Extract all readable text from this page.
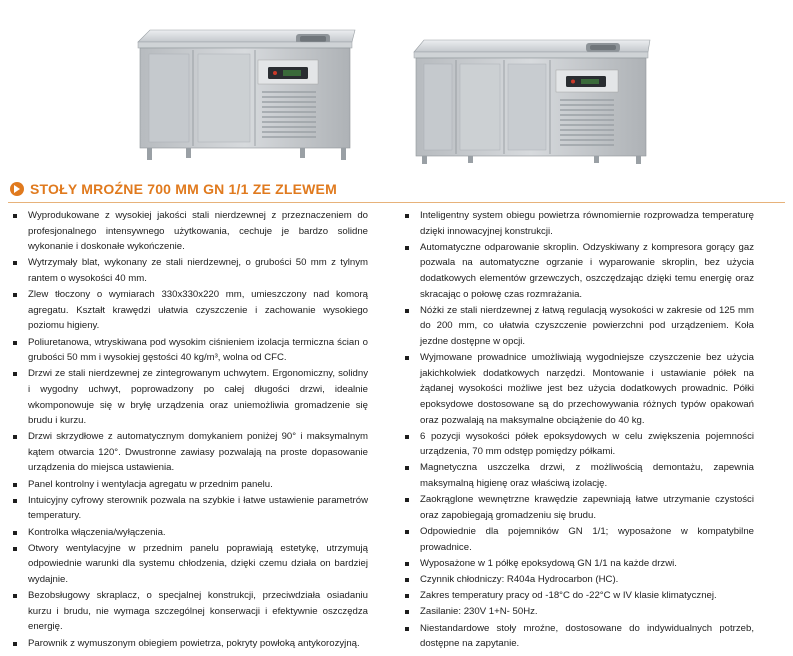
STOŁY MROŹNE 700 MM GN 1/1 ZE ZLEWEM
Wyprodukowane z wysokiej jakości stali nierdzewnej z przeznaczeniem do profesjonalnego intensywnego użytkowania, cechuje je bardzo solidne wykonanie i doskonałe wykończenie.
Wytrzymały blat, wykonany ze stali nierdzewnej, o grubości 50 mm z tylnym rantem o wysokości 40 mm.
Zlew tłoczony o wymiarach 330x330x220 mm, umieszczony nad komorą agregatu. Kształt krawędzi ułatwia czyszczenie i zachowanie wysokiego poziomu higieny.
Poliuretanowa, wtryskiwana pod wysokim ciśnieniem izolacja termiczna ścian o grubości 50 mm i wysokiej gęstości 40 kg/m³, wolna od CFC.
Drzwi ze stali nierdzewnej ze zintegrowanym uchwytem. Ergonomiczny, solidny i wygodny uchwyt, poprowadzony po całej długości drzwi, idealnie wkomponowuje się w bryłę urządzenia oraz uniemożliwia gromadzenie się brudu i kurzu.
Drzwi skrzydłowe z automatycznym domykaniem poniżej 90° i maksymalnym kątem otwarcia 120°. Dwustronne zawiasy pozwalają na proste dopasowanie urządzenia do miejsca ustawienia.
Panel kontrolny i wentylacja agregatu w przednim panelu.
Intuicyjny cyfrowy sterownik pozwala na szybkie i łatwe ustawienie parametrów temperatury.
Kontrolka włączenia/wyłączenia.
Otwory wentylacyjne w przednim panelu poprawiają estetykę, utrzymują odpowiednie warunki dla systemu chłodzenia, dzięki czemu działa on bardziej wydajnie.
Bezobsługowy skraplacz, o specjalnej konstrukcji, przeciwdziała osiadaniu kurzu i brudu, nie wymaga szczególnej konserwacji i efektywnie oszczędza energię.
Parownik z wymuszonym obiegiem powietrza, pokryty powłoką antykorozyjną.
Inteligentny system obiegu powietrza równomiernie rozprowadza temperaturę dzięki innowacyjnej konstrukcji.
Automatyczne odparowanie skroplin. Odzyskiwany z kompresora gorący gaz pozwala na automatyczne ogrzanie i wyparowanie skroplin, bez użycia dodatkowych elementów grzewczych, oszczędzając dzięki temu energię oraz skracając o połowę czas rozmrażania.
Nóżki ze stali nierdzewnej z łatwą regulacją wysokości w zakresie od 125 mm do 200 mm, co ułatwia czyszczenie powierzchni pod urządzeniem. Koła jezdne dostępne w opcji.
Wyjmowane prowadnice umożliwiają wygodniejsze czyszczenie bez użycia jakichkolwiek dodatkowych narzędzi. Montowanie i ustawianie półek na żądanej wysokości możliwe jest bez użycia dodatkowych prowadnic. Półki epoksydowe dostosowane są do przechowywania różnych typów opakowań oraz pozwalają na maksymalne obciążenie do 40 kg.
6 pozycji wysokości półek epoksydowych w celu zwiększenia pojemności urządzenia, 70 mm odstęp pomiędzy półkami.
Magnetyczna uszczelka drzwi, z możliwością demontażu, zapewnia maksymalną higienę oraz właściwą izolację.
Zaokrąglone wewnętrzne krawędzie zapewniają łatwe utrzymanie czystości oraz zapobiegają gromadzeniu się brudu.
Odpowiednie dla pojemników GN 1/1; wyposażone w kompatybilne prowadnice.
Wyposażone w 1 półkę epoksydową GN 1/1 na każde drzwi.
Czynnik chłodniczy: R404a Hydrocarbon (HC).
Zakres temperatury pracy od -18°C do -22°C w IV klasie klimatycznej.
Zasilanie: 230V 1+N- 50Hz.
Niestandardowe stoły mroźne, dostosowane do indywidualnych potrzeb, dostępne na zapytanie.
